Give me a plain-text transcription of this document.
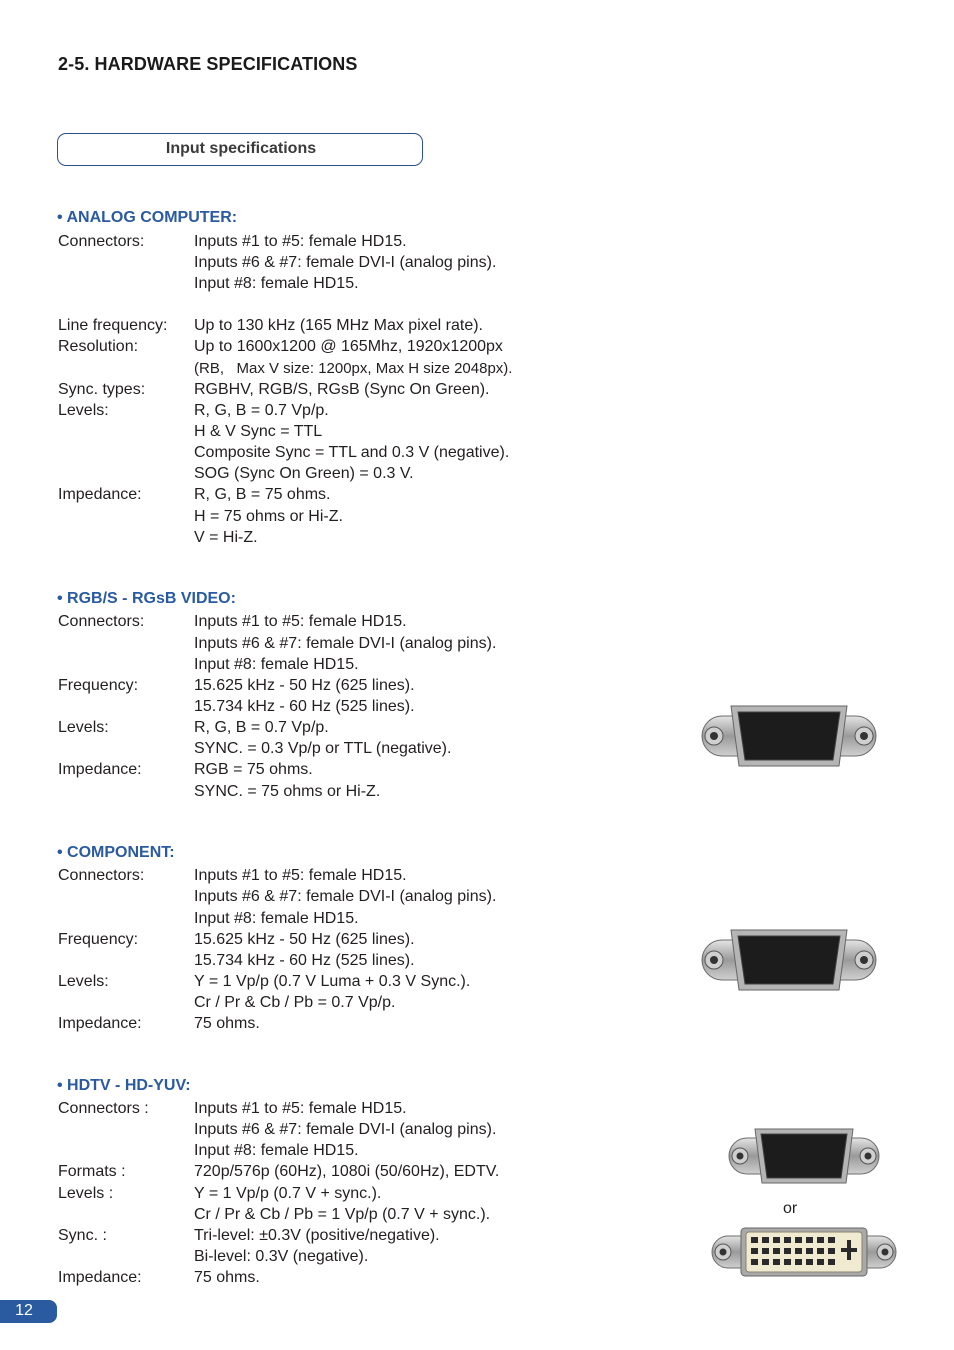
2-5. HARDWARE SPECIFICATIONS
Input specifications
• ANALOG COMPUTER:
Connectors:	Inputs #1 to #5: female HD15.
Inputs #6 & #7: female DVI-I (analog pins).
Input #8: female HD15.
Line frequency: Up to 130 kHz (165 MHz Max pixel rate).
Resolution:	Up to 1600x1200 @ 165Mhz, 1920x1200px
(RB,   Max V size: 1200px, Max H size 2048px).
Sync. types:	RGBHV, RGB/S, RGsB (Sync On Green).
Levels:	R, G, B = 0.7 Vp/p.
H & V Sync = TTL
Composite Sync = TTL and 0.3 V (negative).
SOG (Sync On Green) = 0.3 V.
Impedance:	R, G, B = 75 ohms.
H = 75 ohms or Hi-Z.
V = Hi-Z.
• RGB/S - RGsB VIDEO:
Connectors:	Inputs #1 to #5: female HD15.
Inputs #6 & #7: female DVI-I (analog pins).
Input #8: female HD15.
Frequency:	15.625 kHz - 50 Hz (625 lines).
15.734 kHz - 60 Hz (525 lines).
Levels:	R, G, B = 0.7 Vp/p.
SYNC. = 0.3 Vp/p or TTL (negative).
Impedance:	RGB = 75 ohms.
SYNC. = 75 ohms or Hi-Z.
• COMPONENT:
Connectors:	Inputs #1 to #5: female HD15.
Inputs #6 & #7: female DVI-I (analog pins).
Input #8: female HD15.
Frequency:	15.625 kHz - 50 Hz (625 lines).
15.734 kHz - 60 Hz (525 lines).
Levels:	Y = 1 Vp/p (0.7 V Luma + 0.3 V Sync.).
Cr / Pr & Cb / Pb = 0.7 Vp/p.
Impedance:	75 ohms.
• HDTV - HD-YUV:
Connectors :	Inputs #1 to #5: female HD15.
Inputs #6 & #7: female DVI-I (analog pins).
Input #8: female HD15.
Formats :	720p/576p (60Hz), 1080i (50/60Hz), EDTV.
Levels :	Y = 1 Vp/p (0.7 V + sync.).
Cr / Pr & Cb / Pb = 1 Vp/p (0.7 V + sync.).
Sync. :	Tri-level: ±0.3V (positive/negative).
Bi-level: 0.3V (negative).
Impedance:	75 ohms.
or
12
